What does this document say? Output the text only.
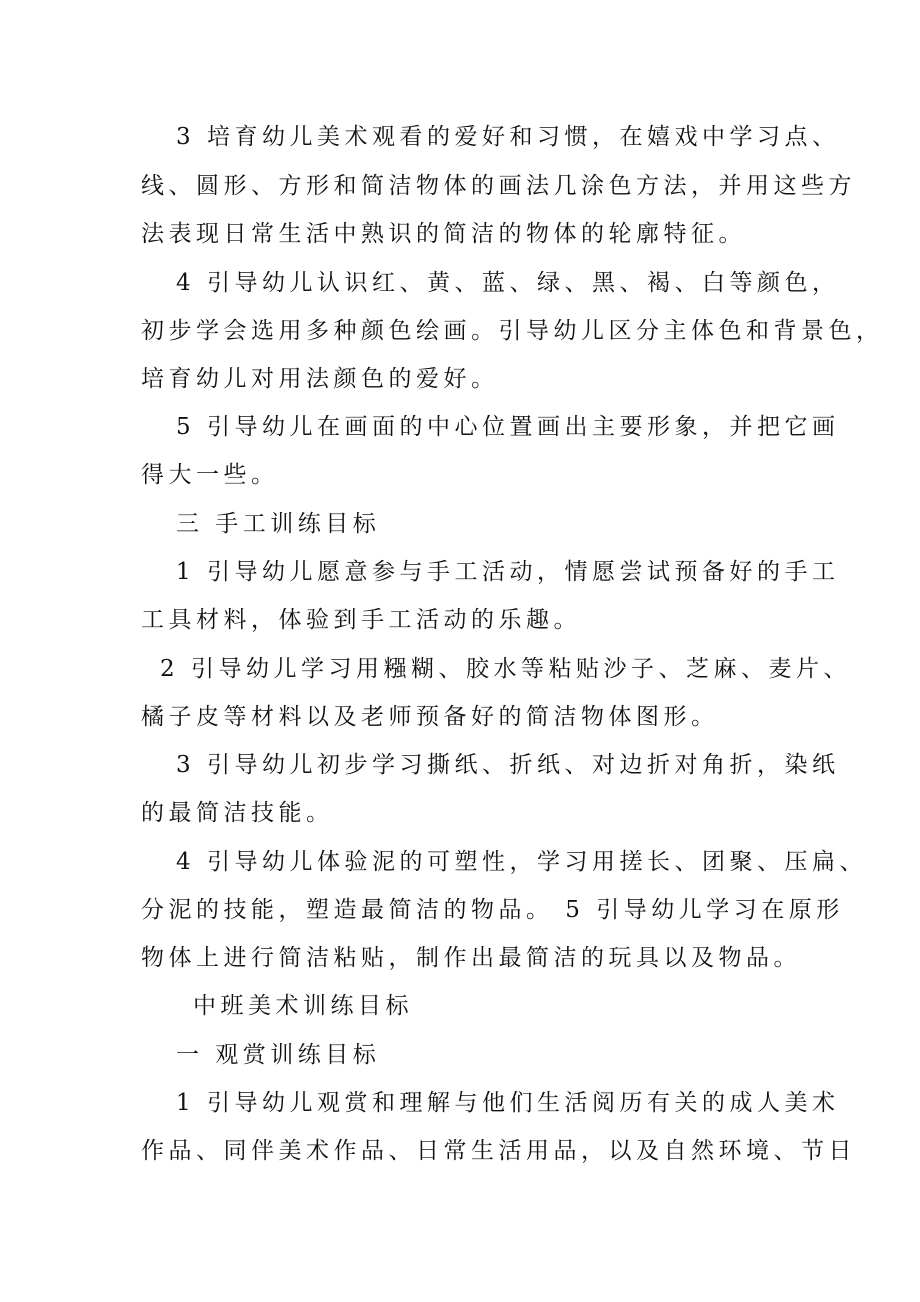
3 培育幼儿美术观看的爱好和习惯，在嬉戏中学习点、
线、圆形、方形和简洁物体的画法几涂色方法，并用这些方
法表现日常生活中熟识的简洁的物体的轮廓特征。
4 引导幼儿认识红、黄、蓝、绿、黑、褐、白等颜色，
初步学会选用多种颜色绘画。引导幼儿区分主体色和背景色，
培育幼儿对用法颜色的爱好。
5 引导幼儿在画面的中心位置画出主要形象，并把它画
得大一些。
三 手工训练目标
1 引导幼儿愿意参与手工活动，情愿尝试预备好的手工
工具材料，体验到手工活动的乐趣。
2 引导幼儿学习用糨糊、胶水等粘贴沙子、芝麻、麦片、
橘子皮等材料以及老师预备好的简洁物体图形。
3 引导幼儿初步学习撕纸、折纸、对边折对角折，染纸
的最简洁技能。
4 引导幼儿体验泥的可塑性，学习用搓长、团聚、压扁、
分泥的技能，塑造最简洁的物品。 5 引导幼儿学习在原形
物体上进行简洁粘贴，制作出最简洁的玩具以及物品。
中班美术训练目标
一 观赏训练目标
1 引导幼儿观赏和理解与他们生活阅历有关的成人美术
作品、同伴美术作品、日常生活用品，以及自然环境、节日
